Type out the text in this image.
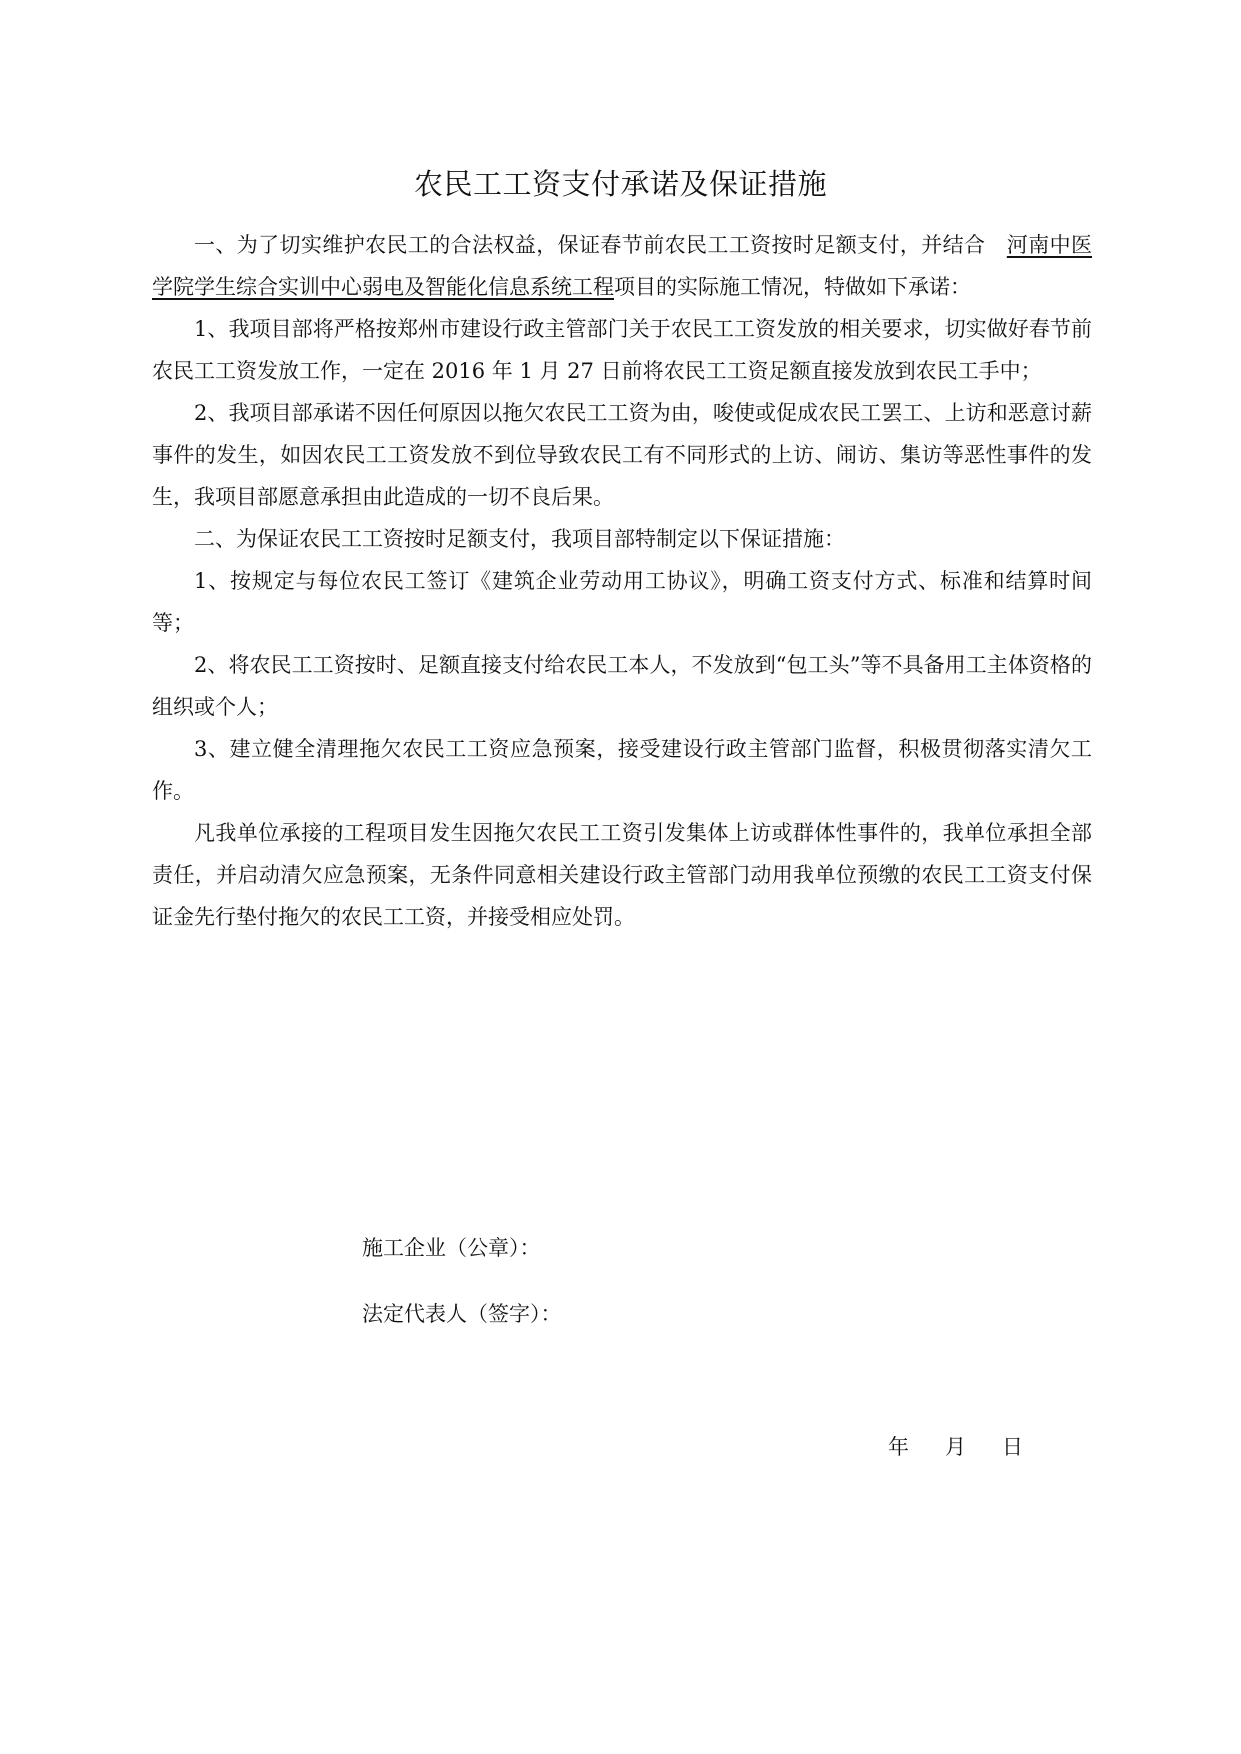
农民工工资支付承诺及保证措施

一、为了切实维护农民工的合法权益，保证春节前农民工工资按时足额支付，并结合　河南中医学院学生综合实训中心弱电及智能化信息系统工程项目的实际施工情况，特做如下承诺：

1、我项目部将严格按郑州市建设行政主管部门关于农民工工资发放的相关要求，切实做好春节前农民工工资发放工作，一定在 2016 年 1 月 27 日前将农民工工资足额直接发放到农民工手中；

2、我项目部承诺不因任何原因以拖欠农民工工资为由，唆使或促成农民工罢工、上访和恶意讨薪事件的发生，如因农民工工资发放不到位导致农民工有不同形式的上访、闹访、集访等恶性事件的发生，我项目部愿意承担由此造成的一切不良后果。

二、为保证农民工工资按时足额支付，我项目部特制定以下保证措施：

1、按规定与每位农民工签订《建筑企业劳动用工协议》，明确工资支付方式、标准和结算时间等；

2、将农民工工资按时、足额直接支付给农民工本人，不发放到“包工头”等不具备用工主体资格的组织或个人；

3、建立健全清理拖欠农民工工资应急预案，接受建设行政主管部门监督，积极贯彻落实清欠工作。

凡我单位承接的工程项目发生因拖欠农民工工资引发集体上访或群体性事件的，我单位承担全部责任，并启动清欠应急预案，无条件同意相关建设行政主管部门动用我单位预缴的农民工工资支付保证金先行垫付拖欠的农民工工资，并接受相应处罚。

施工企业（公章）：
法定代表人（签字）：
年 月 日
